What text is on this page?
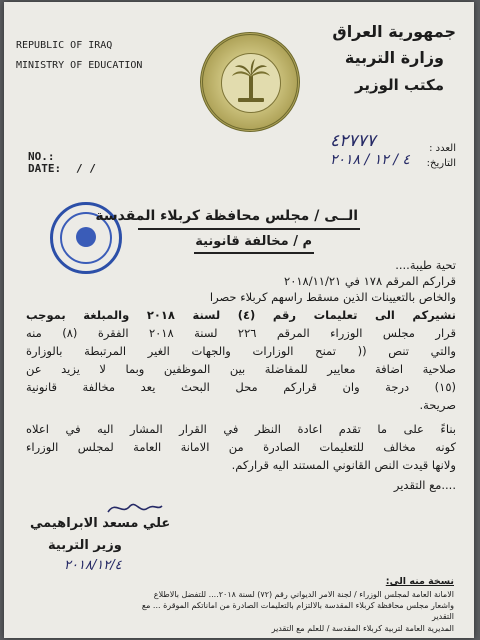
REPUBLIC OF IRAQ
MINISTRY OF EDUCATION
جمهورية العراق
وزارة التربية
مكتب الوزير
NO.:
DATE: / /
العدد :
٤٢٧٧٧
التاريخ:
٤ / ١٢ / ٢٠١٨
الــى / مجلس محافظة كربلاء المقدسة
م / مخالفة قانونية
تحية طيبة....
قراركم المرقم ١٧٨ في ٢٠١٨/١١/٢١
والخاص بالتعيينات الذين مسقط راسهم كربلاء حصرا
نشيركم الى تعليمات رقم (٤) لسنة ٢٠١٨ والمبلغة بموجب
قرار مجلس الوزراء المرقم ٢٢٦ لسنة ٢٠١٨ الفقرة (٨) منه
والتي تنص (( تمنح الوزارات والجهات الغير المرتبطة بالوزارة
صلاحية اضافة معايير للمفاضلة بين الموظفين وبما لا يزيد عن
(١٥) درجة وان قراركم محل البحث يعد مخالفة قانونية
صريحة.
بناءً على ما تقدم اعادة النظر في القرار المشار اليه في اعلاه
كونه مخالف للتعليمات الصادرة من الامانة العامة لمجلس الوزراء
ولانها قيدت النص القانوني المستند اليه قراركم.
....مع التقدير
علي مسعد الابراهيمي
وزير التربية
٢٠١٨/١٢/٤
نسخة منه الى:
الامانة العامة لمجلس الوزراء / لجنة الامر الديواني رقم (٧٢) لسنة ٢٠١٨.... للتفضل بالاطلاع
واشعار مجلس محافظة كربلاء المقدسة بالالتزام بالتعليمات الصادرة من اماناتكم الموقرة ... مع
التقدير
المديرية العامة لتربية كربلاء المقدسة / للعلم مع التقدير
